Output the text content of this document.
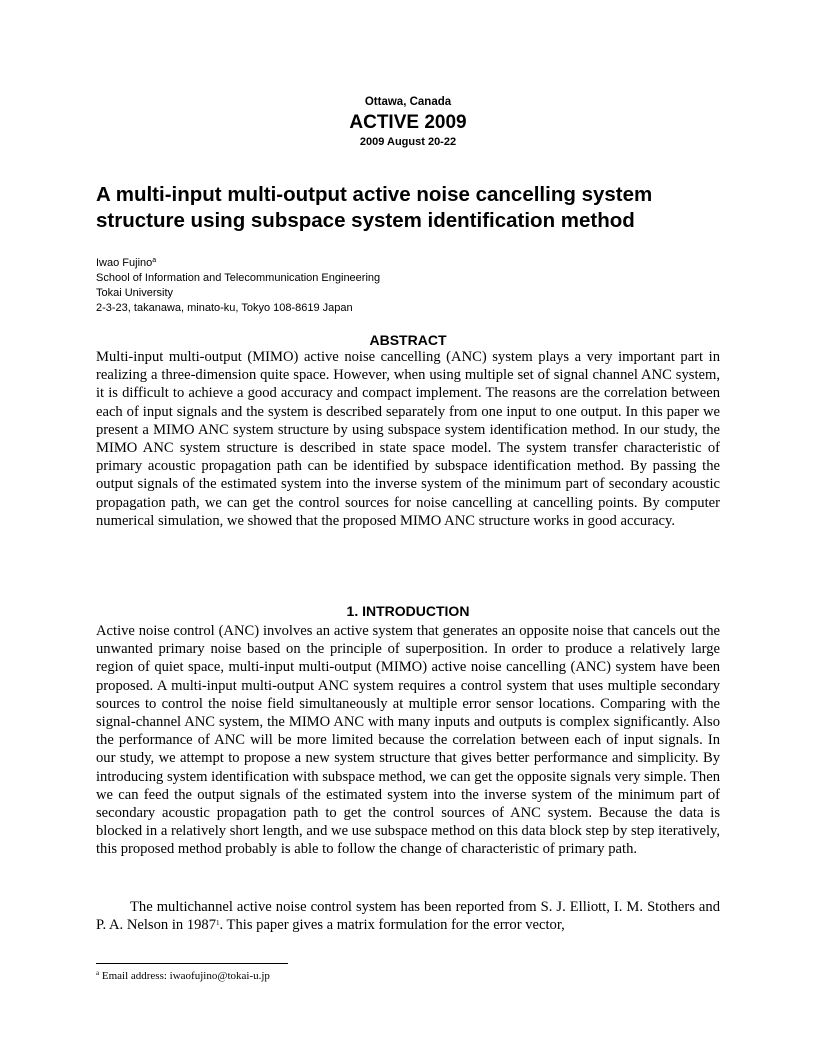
Ottawa, Canada
ACTIVE 2009
2009 August 20-22
A multi-input multi-output active noise cancelling system structure using subspace system identification method
Iwao Fujino$^a$
School of Information and Telecommunication Engineering
Tokai University
2-3-23, takanawa, minato-ku, Tokyo 108-8619 Japan
ABSTRACT

Multi-input multi-output (MIMO) active noise cancelling (ANC) system plays a very important part in realizing a three-dimension quite space. However, when using multiple set of signal channel ANC system, it is difficult to achieve a good accuracy and compact implement. The reasons are the correlation between each of input signals and the system is described separately from one input to one output. In this paper we present a MIMO ANC system structure by using subspace system identification method. In our study, the MIMO ANC system structure is described in state space model. The system transfer characteristic of primary acoustic propagation path can be identified by subspace identification method. By passing the output signals of the estimated system into the inverse system of the minimum part of secondary acoustic propagation path, we can get the control sources for noise cancelling at cancelling points. By computer numerical simulation, we showed that the proposed MIMO ANC structure works in good accuracy.

1. INTRODUCTION

Active noise control (ANC) involves an active system that generates an opposite noise that cancels out the unwanted primary noise based on the principle of superposition. In order to produce a relatively large region of quiet space, multi-input multi-output (MIMO) active noise cancelling (ANC) system have been proposed. A multi-input multi-output ANC system requires a control system that uses multiple secondary sources to control the noise field simultaneously at multiple error sensor locations. Comparing with the signal-channel ANC system, the MIMO ANC with many inputs and outputs is complex significantly. Also the performance of ANC will be more limited because the correlation between each of input signals. In our study, we attempt to propose a new system structure that gives better performance and simplicity. By introducing system identification with subspace method, we can get the opposite signals very simple. Then we can feed the output signals of the estimated system into the inverse system of the minimum part of secondary acoustic propagation path to get the control sources of ANC system. Because the data is blocked in a relatively short length, and we use subspace method on this data block step by step iteratively, this proposed method probably is able to follow the change of characteristic of primary path.

The multichannel active noise control system has been reported from S. J. Elliott, I. M. Stothers and P. A. Nelson in 1987$^1$. This paper gives a matrix formulation for the error vector,

$^a$ Email address: iwaofujino@tokai-u.jp
